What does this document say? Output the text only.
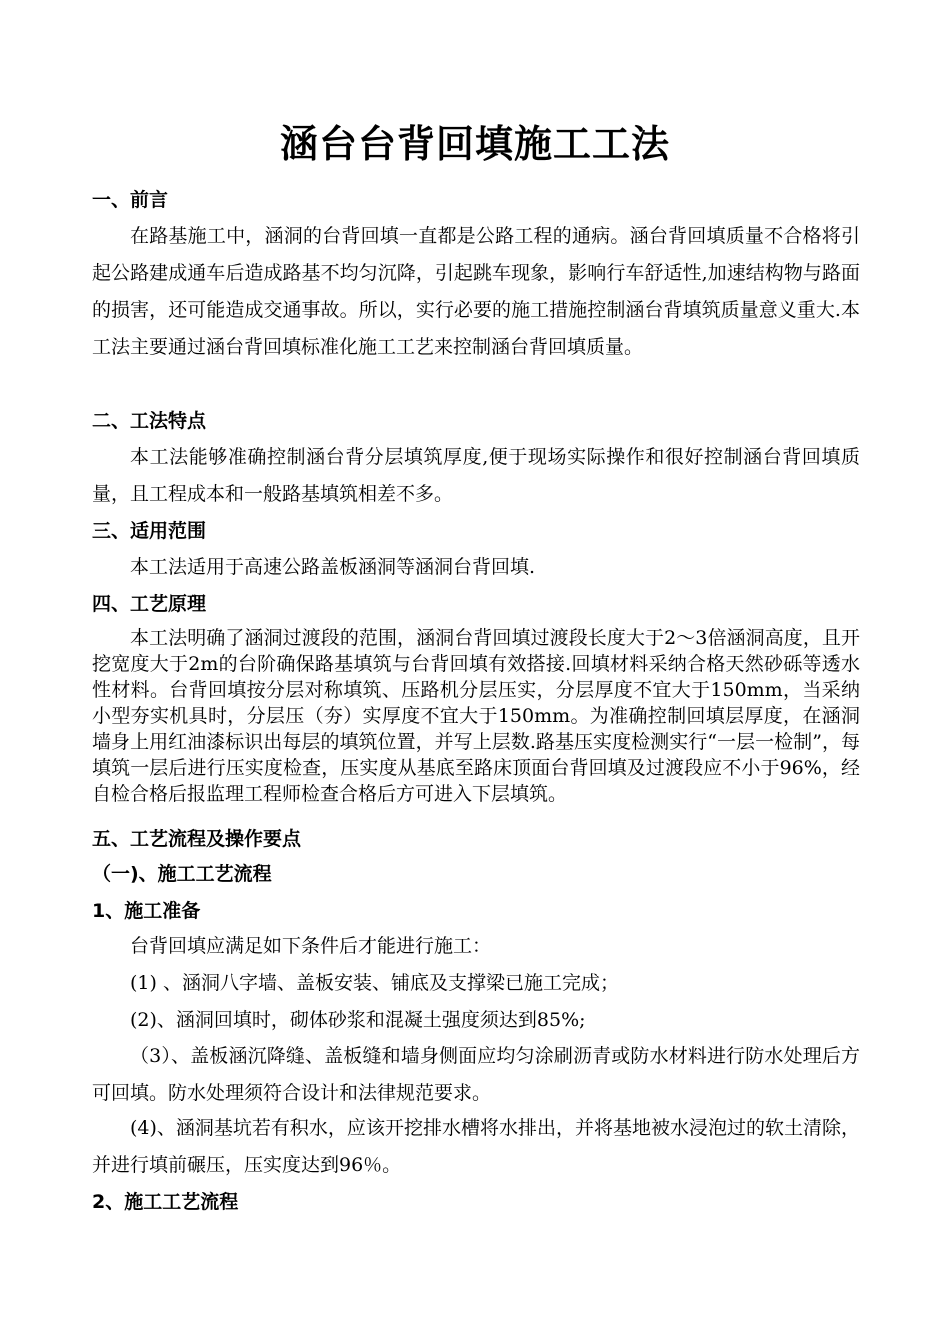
涵台台背回填施工工法
一、前言

在路基施工中，涵洞的台背回填一直都是公路工程的通病。涵台背回填质量不合格将引起公路建成通车后造成路基不均匀沉降，引起跳车现象，影响行车舒适性,加速结构物与路面的损害，还可能造成交通事故。所以，实行必要的施工措施控制涵台背填筑质量意义重大.本工法主要通过涵台背回填标准化施工工艺来控制涵台背回填质量。

二、工法特点

本工法能够准确控制涵台背分层填筑厚度,便于现场实际操作和很好控制涵台背回填质量，且工程成本和一般路基填筑相差不多。

三、适用范围

本工法适用于高速公路盖板涵洞等涵洞台背回填.

四、工艺原理

本工法明确了涵洞过渡段的范围，涵洞台背回填过渡段长度大于2～3倍涵洞高度，且开挖宽度大于2m的台阶确保路基填筑与台背回填有效搭接.回填材料采纳合格天然砂砾等透水性材料。台背回填按分层对称填筑、压路机分层压实，分层厚度不宜大于150mm，当采纳小型夯实机具时，分层压（夯）实厚度不宜大于150mm。为准确控制回填层厚度，在涵洞墙身上用红油漆标识出每层的填筑位置，并写上层数.路基压实度检测实行“一层一检制”，每填筑一层后进行压实度检查，压实度从基底至路床顶面台背回填及过渡段应不小于96%，经自检合格后报监理工程师检查合格后方可进入下层填筑。

五、工艺流程及操作要点
（一)、施工工艺流程
1、施工准备

台背回填应满足如下条件后才能进行施工：

(1) 、涵洞八字墙、盖板安装、铺底及支撑梁已施工完成；

(2)、涵洞回填时，砌体砂浆和混凝土强度须达到85%;

（3）、盖板涵沉降缝、盖板缝和墙身侧面应均匀涂刷沥青或防水材料进行防水处理后方可回填。防水处理须符合设计和法律规范要求。

(4)、涵洞基坑若有积水，应该开挖排水槽将水排出，并将基地被水浸泡过的软土清除，并进行填前碾压，压实度达到96％。

2、施工工艺流程
